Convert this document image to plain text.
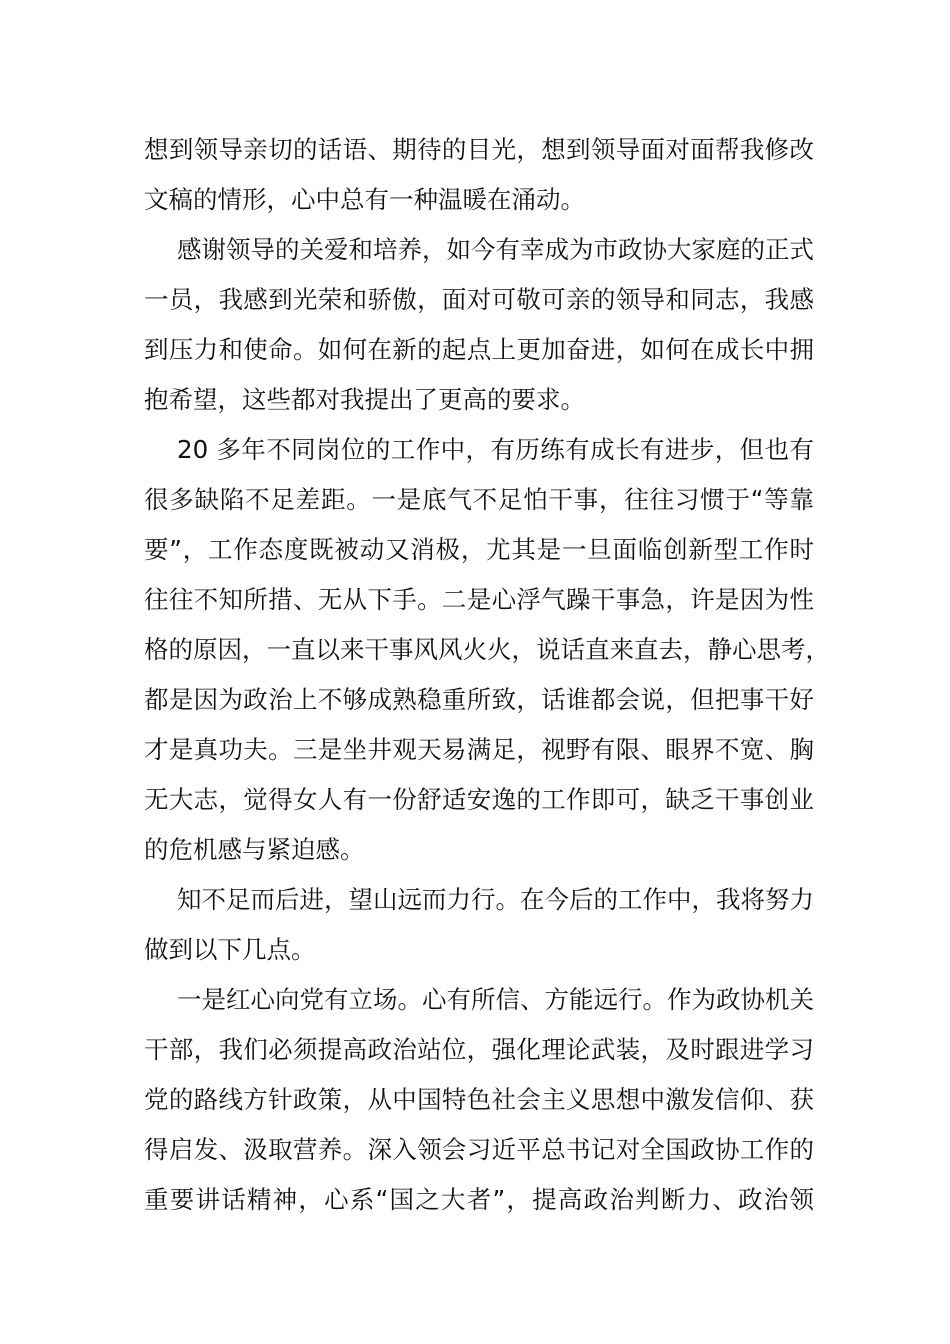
想到领导亲切的话语、期待的目光，想到领导面对面帮我修改
文稿的情形，心中总有一种温暖在涌动。
感谢领导的关爱和培养，如今有幸成为市政协大家庭的正式
一员，我感到光荣和骄傲，面对可敬可亲的领导和同志，我感
到压力和使命。如何在新的起点上更加奋进，如何在成长中拥
抱希望，这些都对我提出了更高的要求。
20 多年不同岗位的工作中，有历练有成长有进步，但也有
很多缺陷不足差距。一是底气不足怕干事，往往习惯于“等靠
要”，工作态度既被动又消极，尤其是一旦面临创新型工作时
往往不知所措、无从下手。二是心浮气躁干事急，许是因为性
格的原因，一直以来干事风风火火，说话直来直去，静心思考，
都是因为政治上不够成熟稳重所致，话谁都会说，但把事干好
才是真功夫。三是坐井观天易满足，视野有限、眼界不宽、胸
无大志，觉得女人有一份舒适安逸的工作即可，缺乏干事创业
的危机感与紧迫感。
知不足而后进，望山远而力行。在今后的工作中，我将努力
做到以下几点。
一是红心向党有立场。心有所信、方能远行。作为政协机关
干部，我们必须提高政治站位，强化理论武装，及时跟进学习
党的路线方针政策，从中国特色社会主义思想中激发信仰、获
得启发、汲取营养。深入领会习近平总书记对全国政协工作的
重要讲话精神，心系“国之大者”，提高政治判断力、政治领
